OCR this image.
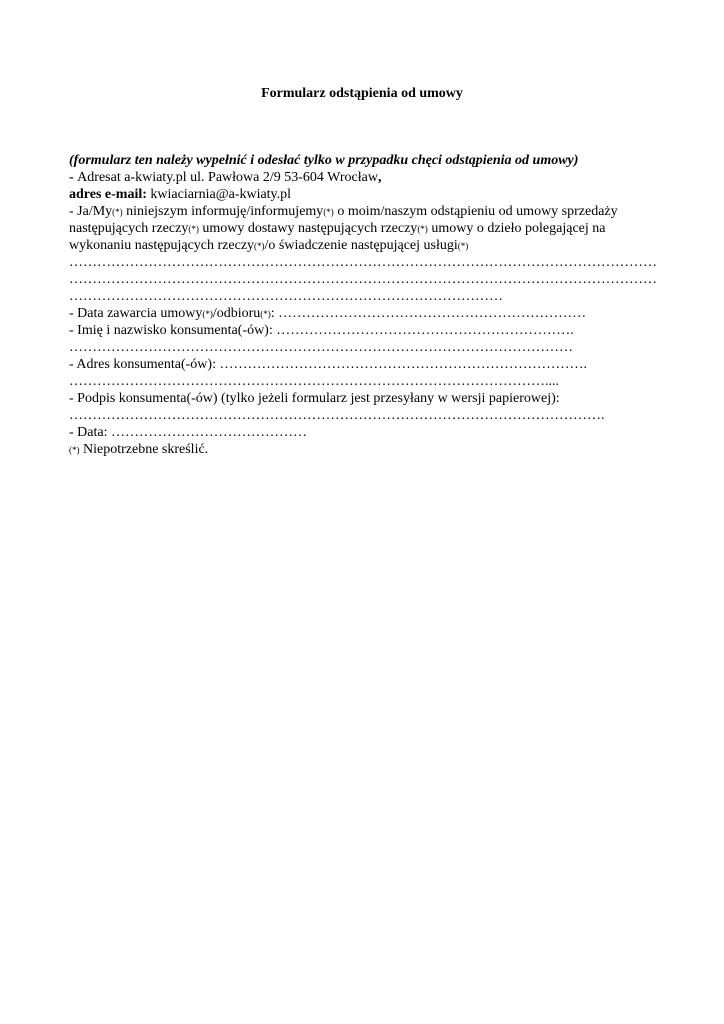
Formularz odstąpienia od umowy
(formularz ten należy wypełnić i odesłać tylko w przypadku chęci odstąpienia od umowy)
- Adresat a-kwiaty.pl ul. Pawłowa 2/9 53-604 Wrocław,
adres e-mail: kwiaciarnia@a-kwiaty.pl
- Ja/My(*) niniejszym informuję/informujemy(*) o moim/naszym odstąpieniu od umowy sprzedaży
następujących rzeczy(*) umowy dostawy następujących rzeczy(*) umowy o dzieło polegającej na
wykonaniu następujących rzeczy(*)/o świadczenie następującej usługi(*)
………………………………………………………………………………………………………………
………………………………………………………………………………………………………………
…………………………………………………………………………………
- Data zawarcia umowy(*)/odbioru(*): …………………………………………………………
- Imię i nazwisko konsumenta(-ów): ……………………………………………………….
………………………………………………………………………………………………
- Adres konsumenta(-ów): …………………………………………………………………….
…………………………………………………………………………………………....
- Podpis konsumenta(-ów) (tylko jeżeli formularz jest przesyłany w wersji papierowej):
…………………………………………………………………………………………………….
- Data: ……………………………………
(*) Niepotrzebne skreślić.
